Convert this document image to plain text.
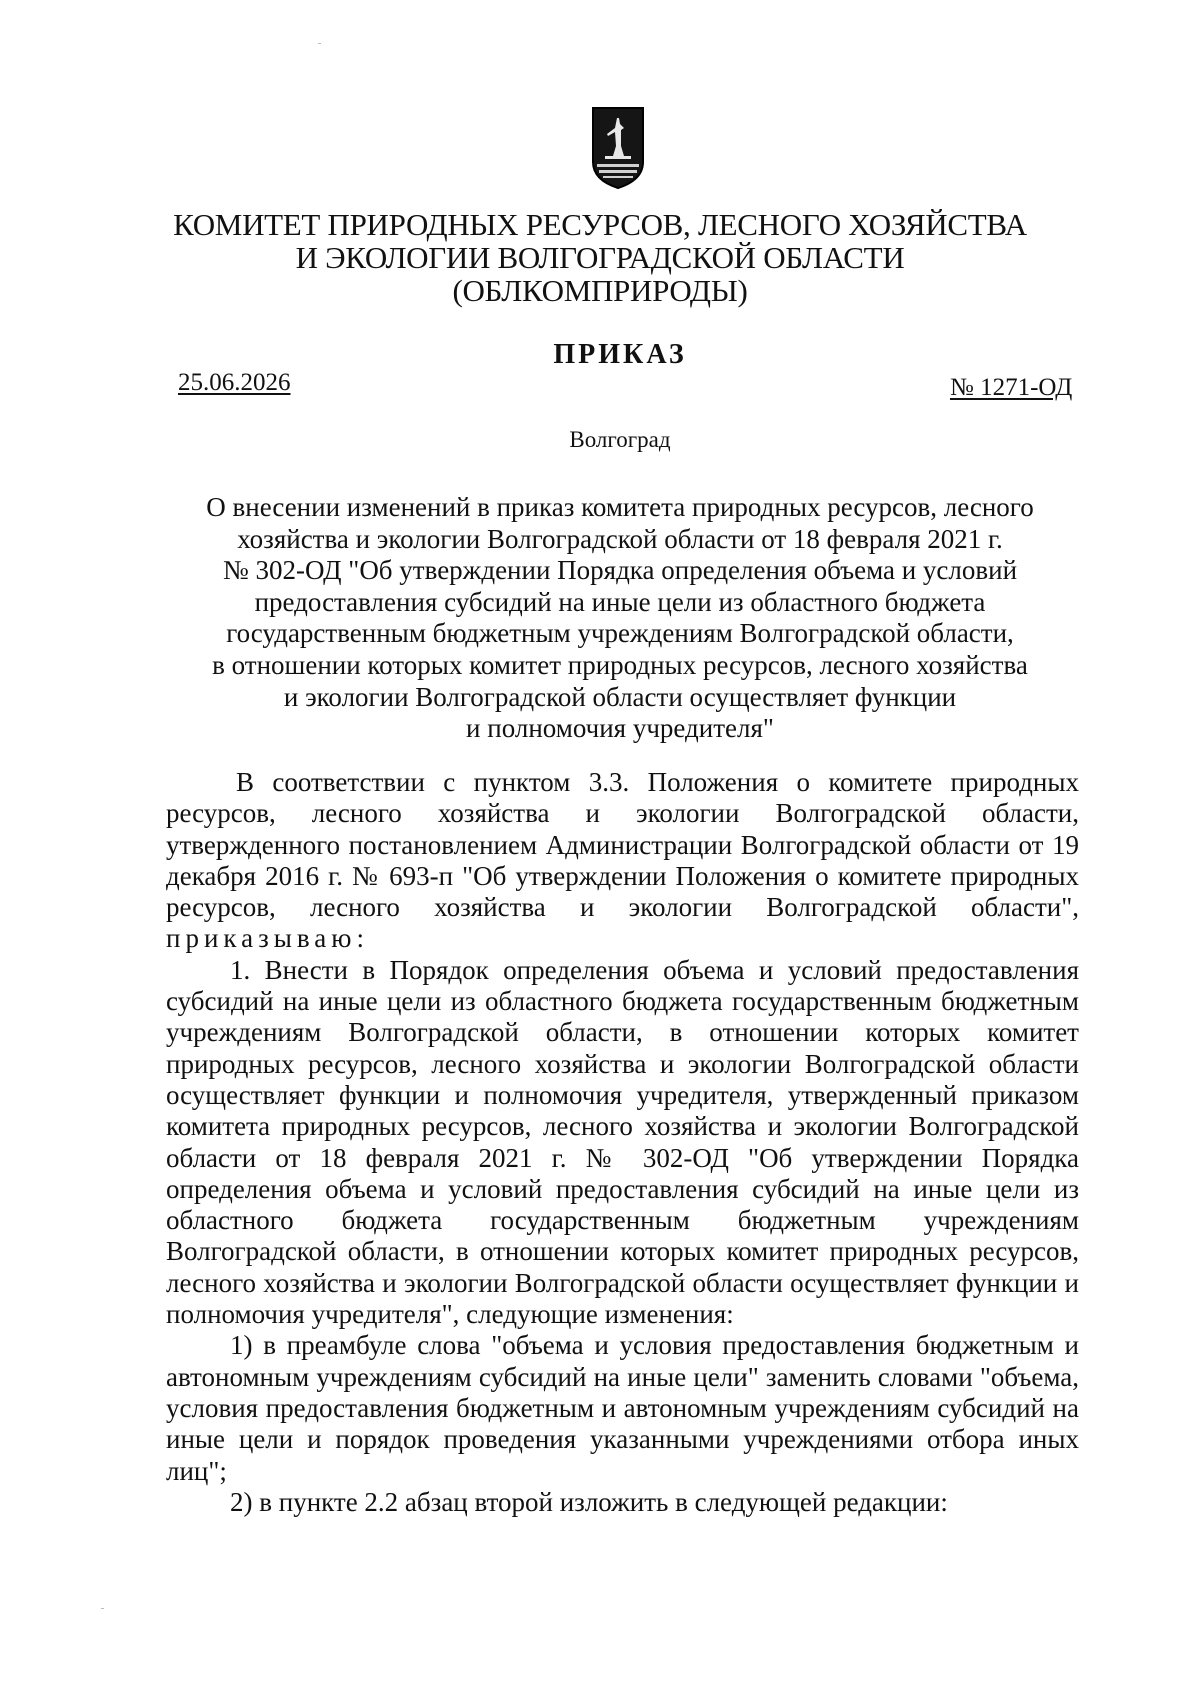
КОМИТЕТ ПРИРОДНЫХ РЕСУРСОВ, ЛЕСНОГО ХОЗЯЙСТВА
И ЭКОЛОГИИ ВОЛГОГРАДСКОЙ ОБЛАСТИ
(ОБЛКОМПРИРОДЫ)
ПРИКАЗ
25.06.2026	№ 1271-ОД
Волгоград
О внесении изменений в приказ комитета природных ресурсов, лесного
хозяйства и экологии Волгоградской области от 18 февраля 2021 г.
№ 302-ОД "Об утверждении Порядка определения объема и условий
предоставления субсидий на иные цели из областного бюджета
государственным бюджетным учреждениям Волгоградской области,
в отношении которых комитет природных ресурсов, лесного хозяйства
и экологии Волгоградской области осуществляет функции
и полномочия учредителя"

В соответствии с пунктом 3.3. Положения о комитете природных ресурсов, лесного хозяйства и экологии Волгоградской области, утвержденного постановлением Администрации Волгоградской области от 19 декабря 2016 г. № 693-п "Об утверждении Положения о комитете природных ресурсов, лесного хозяйства и экологии Волгоградской области", приказываю:

1. Внести в Порядок определения объема и условий предоставления субсидий на иные цели из областного бюджета государственным бюджетным учреждениям Волгоградской области, в отношении которых комитет природных ресурсов, лесного хозяйства и экологии Волгоградской области осуществляет функции и полномочия учредителя, утвержденный приказом комитета природных ресурсов, лесного хозяйства и экологии Волгоградской области от 18 февраля 2021 г. № 302-ОД "Об утверждении Порядка определения объема и условий предоставления субсидий на иные цели из областного бюджета государственным бюджетным учреждениям Волгоградской области, в отношении которых комитет природных ресурсов, лесного хозяйства и экологии Волгоградской области осуществляет функции и полномочия учредителя", следующие изменения:

1) в преамбуле слова "объема и условия предоставления бюджетным и автономным учреждениям субсидий на иные цели" заменить словами "объема, условия предоставления бюджетным и автономным учреждениям субсидий на иные цели и порядок проведения указанными учреждениями отбора иных лиц";

2) в пункте 2.2 абзац второй изложить в следующей редакции:
